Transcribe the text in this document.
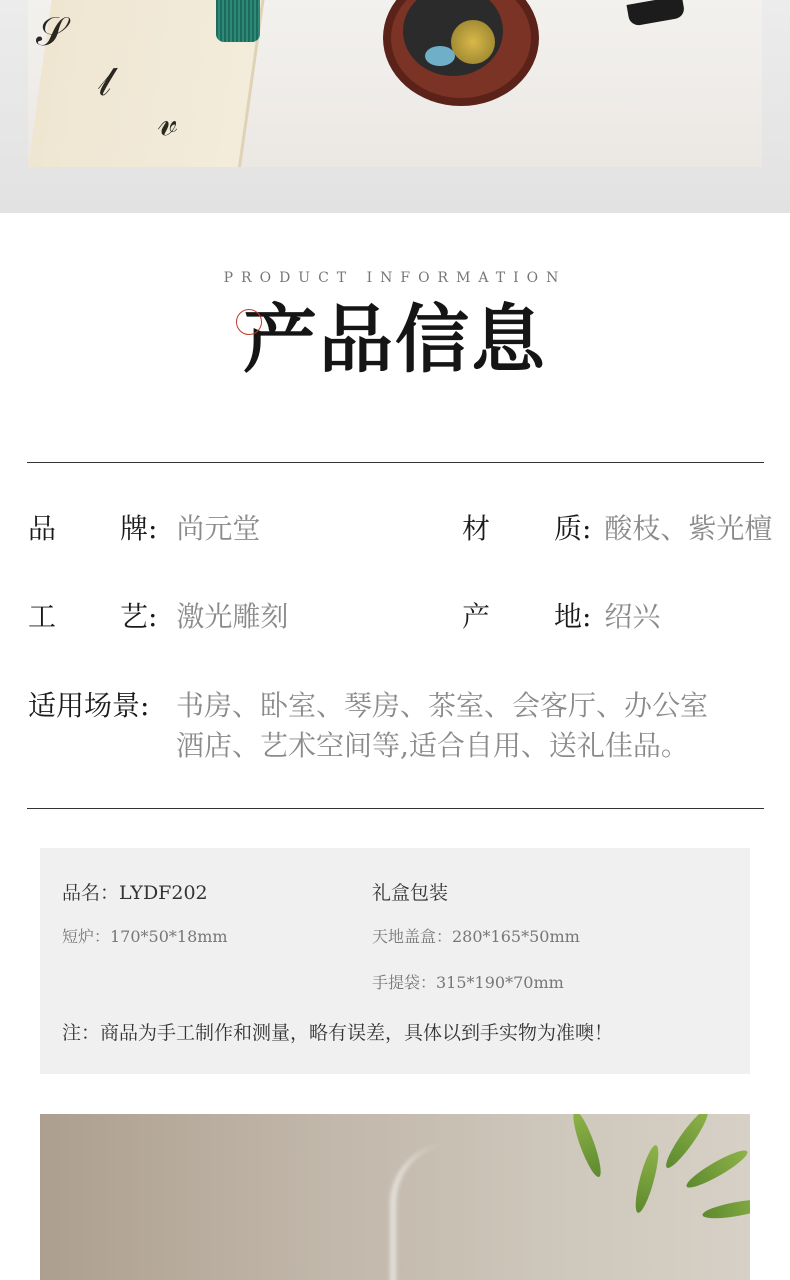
𝒮
𝓁
𝓋
PRODUCT INFORMATION
产品信息
品牌: 尚元堂	材质: 酸枝、紫光檀
工艺: 激光雕刻	产地: 绍兴
适用场景: 书房、卧室、琴房、茶室、会客厅、办公室
酒店、艺术空间等,适合自用、送礼佳品。
品名：LYDF202
短炉：170*50*18mm
礼盒包装
天地盖盒：280*165*50mm
手提袋：315*190*70mm
注：商品为手工制作和测量，略有误差，具体以到手实物为准噢！
